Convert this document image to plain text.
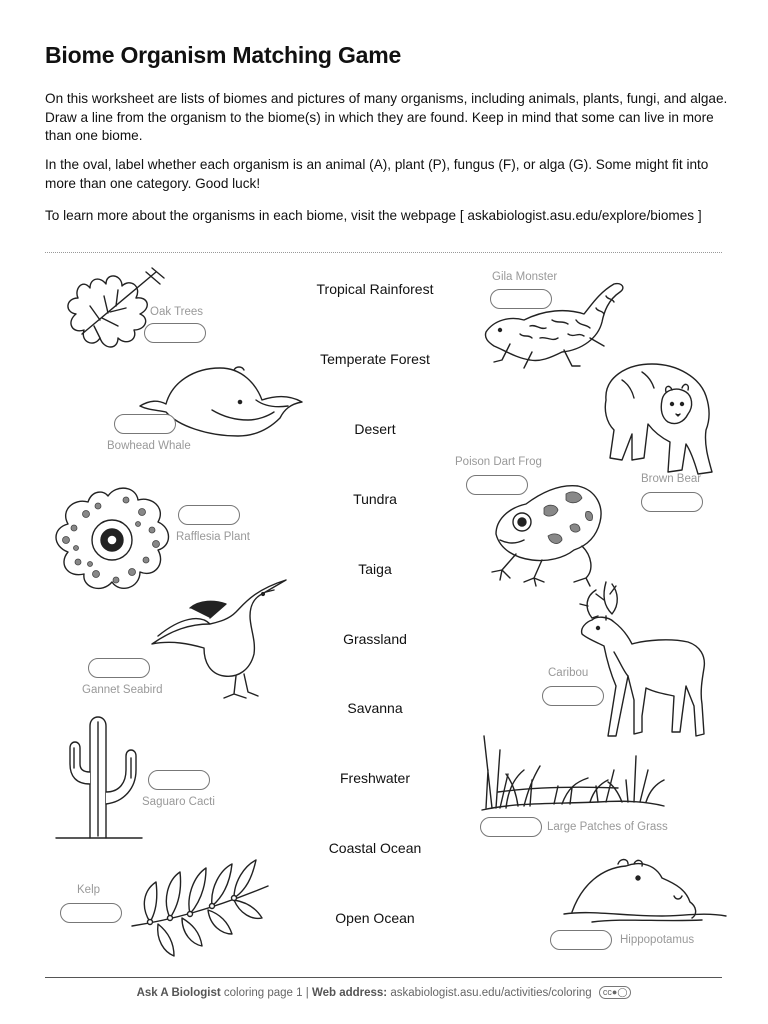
Biome Organism Matching Game
On this worksheet are lists of biomes and pictures of many organisms, including animals, plants, fungi, and algae. Draw a line from the organism to the biome(s) in which they are found. Keep in mind that some can live in more than one biome.
In the oval, label whether each organism is an animal (A), plant (P), fungus (F), or alga (G). Some might fit into more than one category. Good luck!
To learn more about the organisms in each biome, visit the webpage [ askabiologist.asu.edu/explore/biomes ]
Tropical Rainforest
Temperate Forest
Desert
Tundra
Taiga
Grassland
Savanna
Freshwater
Coastal Ocean
Open Ocean
Oak Trees
Bowhead Whale
Rafflesia Plant
Gannet Seabird
Saguaro Cacti
Kelp
Gila Monster
Brown Bear
Poison Dart Frog
Caribou
Large Patches of Grass
Hippopotamus
Ask A Biologist coloring page 1 | Web address: askabiologist.asu.edu/activities/coloring cc●◯
